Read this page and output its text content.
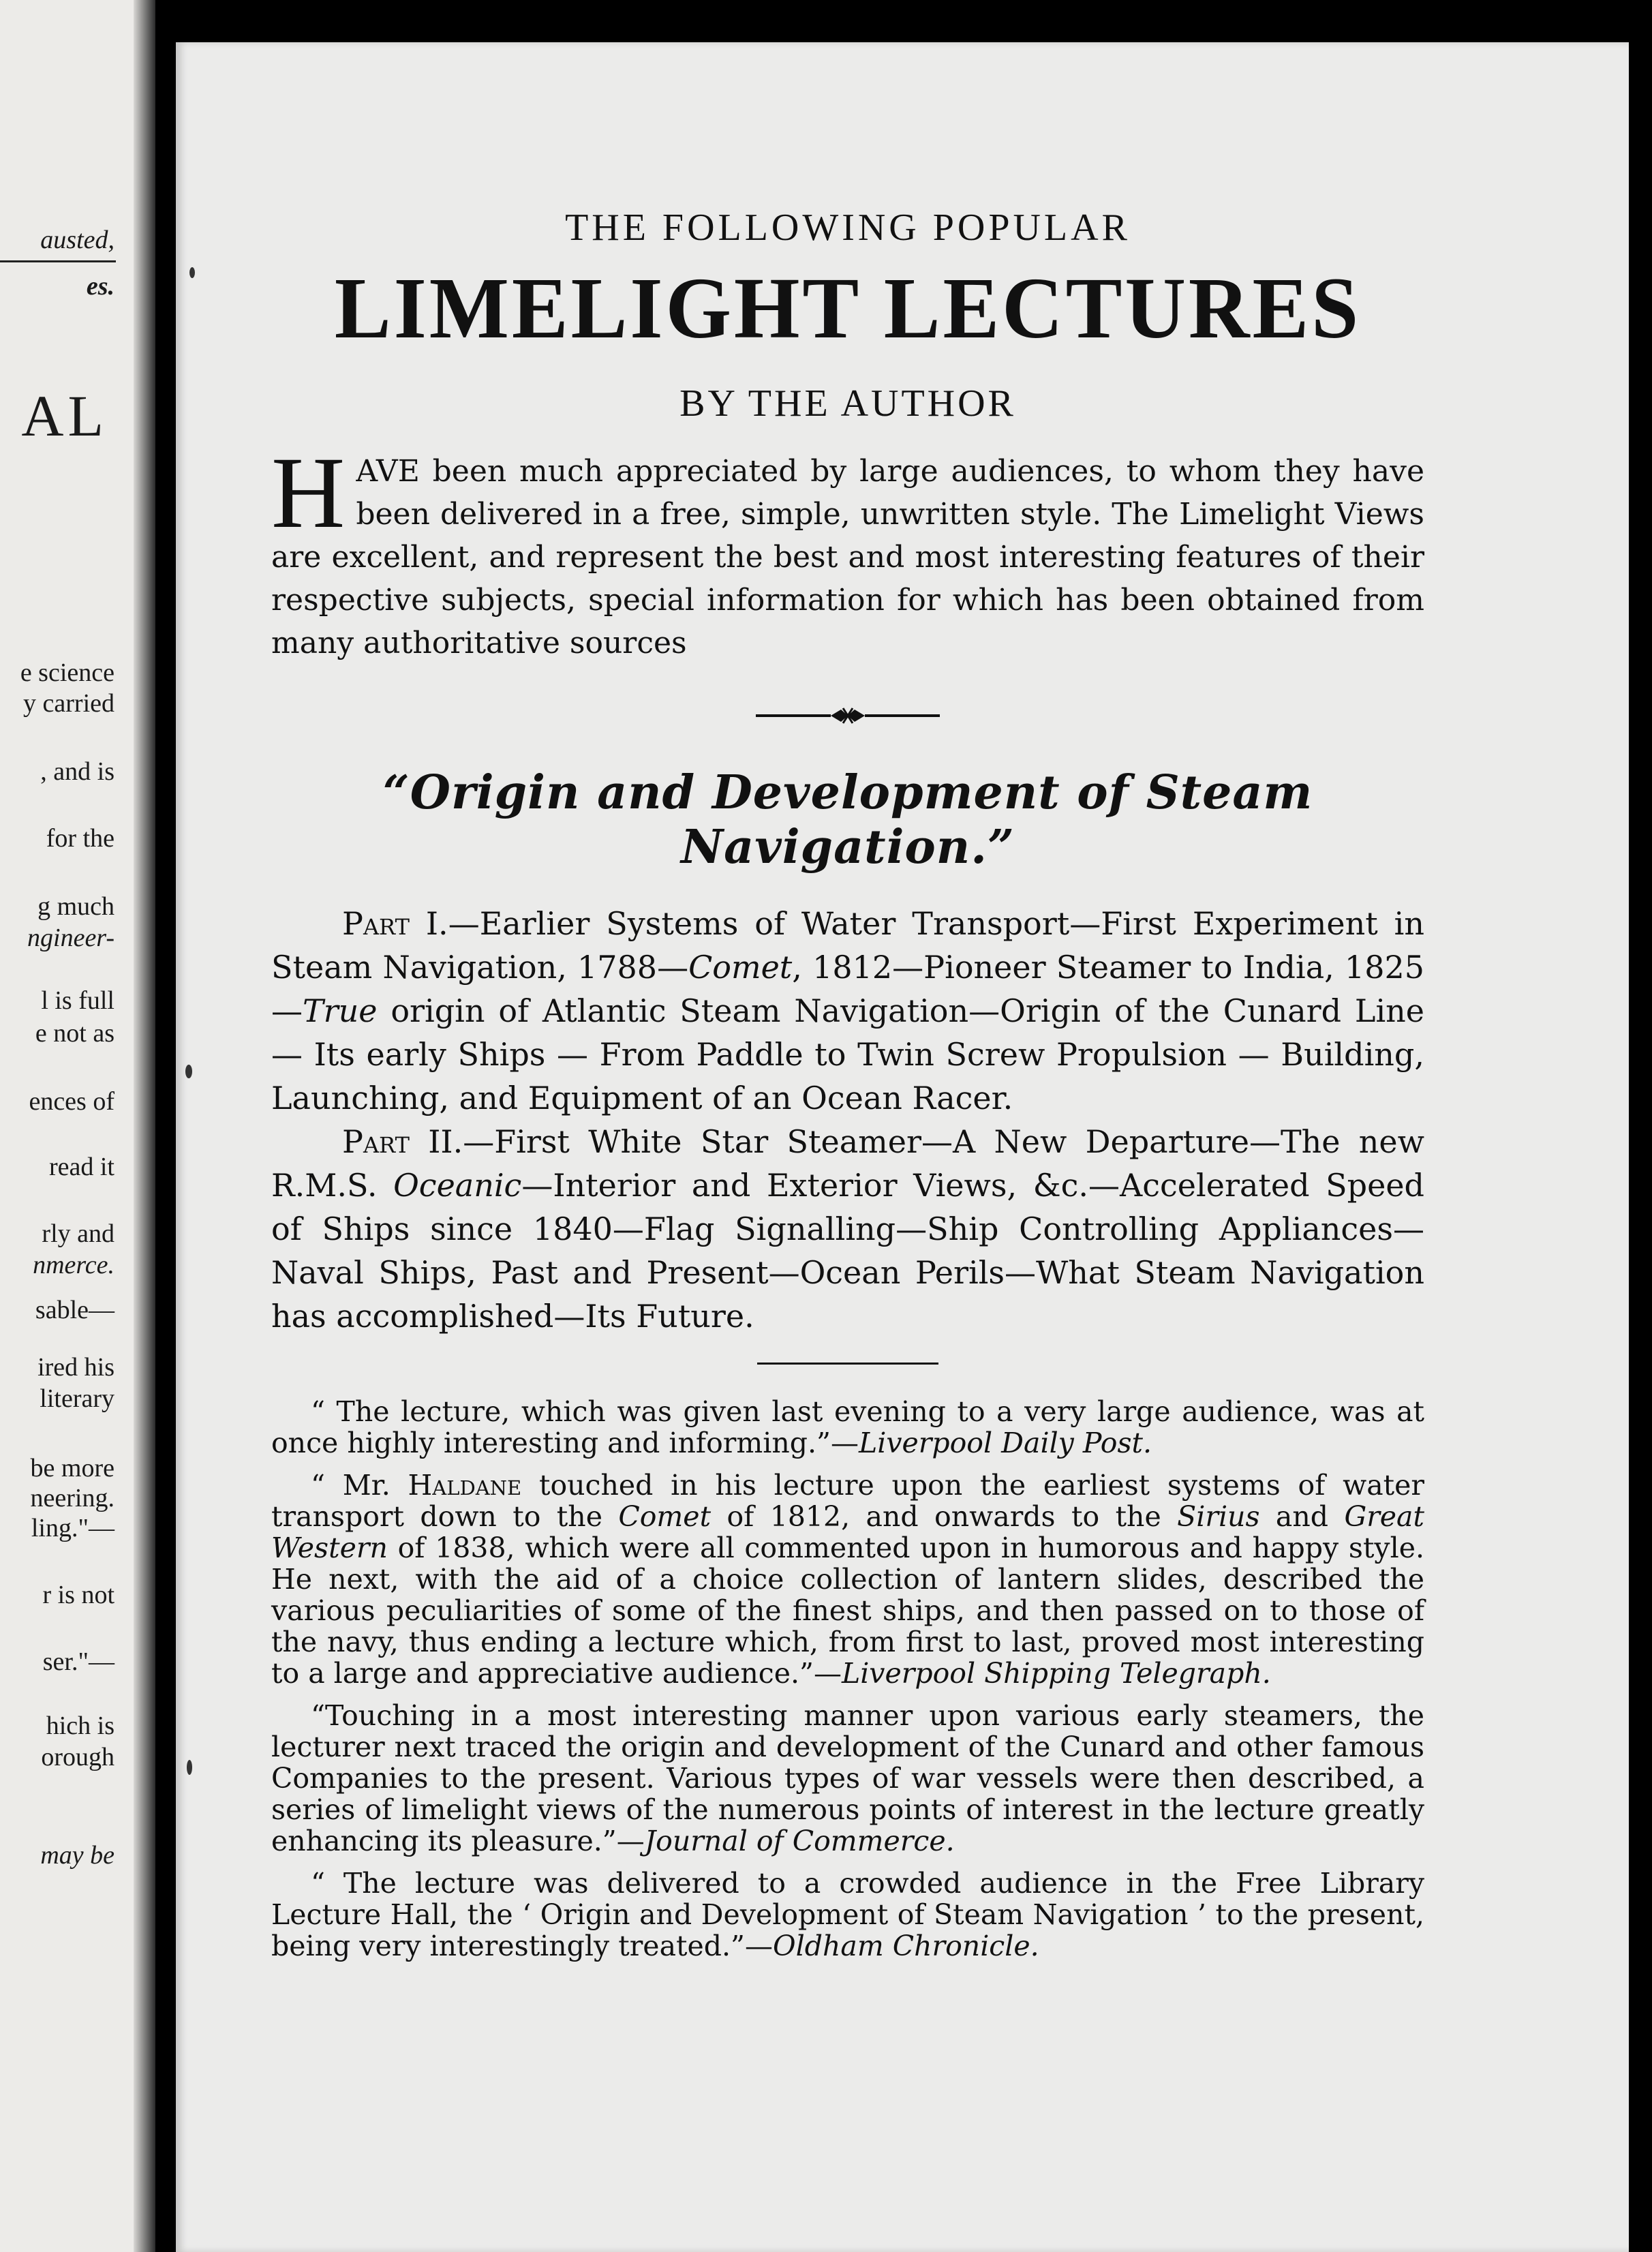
austed,
es.
AL
e science
y carried
, and is
for the
g much
ngineer-
l is full
e not as
ences of
read it
rly and
nmerce.
sable—
ired his
literary
be more
neering.
ling."—
r is not
ser."—
hich is
orough
may be

THE FOLLOWING POPULAR

LIMELIGHT LECTURES

BY THE AUTHOR

HAVE been much appreciated by large audiences, to whom they have been delivered in a free, simple, unwritten style. The Limelight Views are excellent, and represent the best and most interesting features of their respective subjects, special information for which has been obtained from many authoritative sources
“Origin and Development of Steam Navigation.”

Part I.—Earlier Systems of Water Transport—First Experiment in Steam Navigation, 1788—Comet, 1812—Pioneer Steamer to India, 1825—True origin of Atlantic Steam Navigation—Origin of the Cunard Line — Its early Ships — From Paddle to Twin Screw Propulsion — Building, Launching, and Equipment of an Ocean Racer.

Part II.—First White Star Steamer—A New Departure—The new R.M.S. Oceanic—Interior and Exterior Views, &c.—Accelerated Speed of Ships since 1840—Flag Signalling—Ship Controlling Appliances—Naval Ships, Past and Present—Ocean Perils—What Steam Navigation has accomplished—Its Future.

“ The lecture, which was given last evening to a very large audience, was at once highly interesting and informing.”—Liverpool Daily Post.

“ Mr. Haldane touched in his lecture upon the earliest systems of water transport down to the Comet of 1812, and onwards to the Sirius and Great Western of 1838, which were all commented upon in humorous and happy style. He next, with the aid of a choice collection of lantern slides, described the various peculiarities of some of the finest ships, and then passed on to those of the navy, thus ending a lecture which, from first to last, proved most interesting to a large and appreciative audience.”—Liverpool Shipping Telegraph.

“Touching in a most interesting manner upon various early steamers, the lecturer next traced the origin and development of the Cunard and other famous Companies to the present. Various types of war vessels were then described, a series of limelight views of the numerous points of interest in the lecture greatly enhancing its pleasure.”—Journal of Commerce.

“ The lecture was delivered to a crowded audience in the Free Library Lecture Hall, the ‘ Origin and Development of Steam Navigation ’ to the present, being very interestingly treated.”—Oldham Chronicle.
